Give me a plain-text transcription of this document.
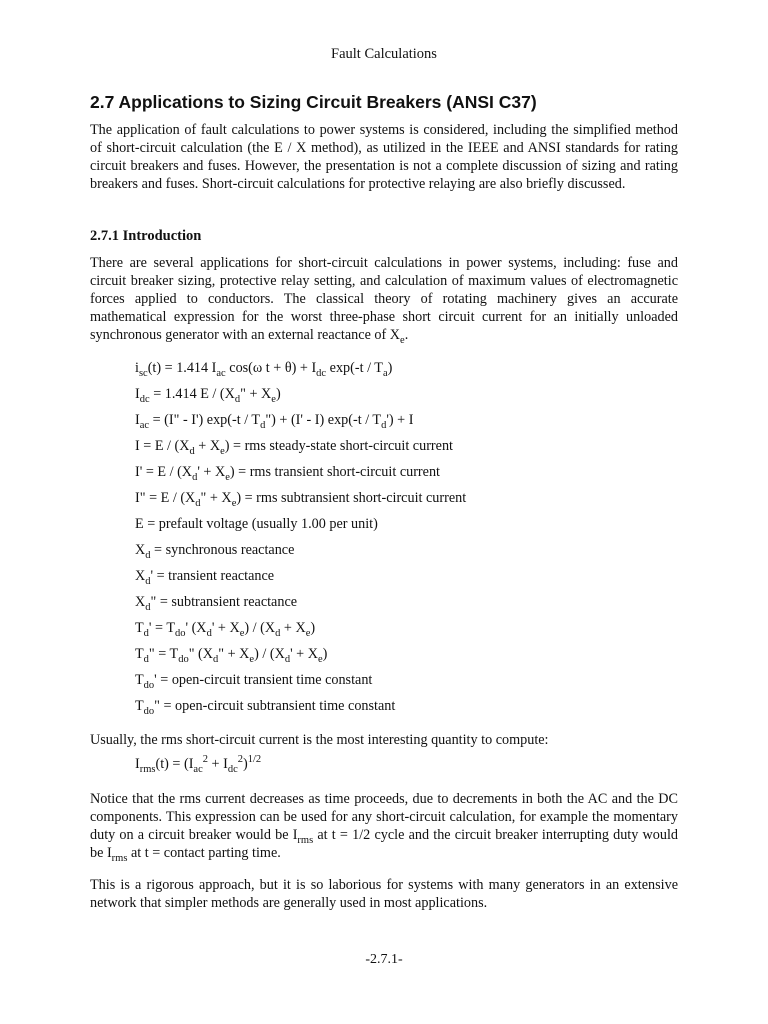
Fault Calculations
2.7 Applications to Sizing Circuit Breakers (ANSI C37)

The application of fault calculations to power systems is considered, including the simplified method of short-circuit calculation (the E / X method), as utilized in the IEEE and ANSI standards for rating circuit breakers and fuses. However, the presentation is not a complete discussion of sizing and rating breakers and fuses. Short-circuit calculations for protective relaying are also briefly discussed.

2.7.1 Introduction

There are several applications for short-circuit calculations in power systems, including: fuse and circuit breaker sizing, protective relay setting, and calculation of maximum values of electromagnetic forces applied to conductors. The classical theory of rotating machinery gives an accurate mathematical expression for the worst three-phase short circuit current for an initially unloaded synchronous generator with an external reactance of $X_e$.

$i_{sc}(t) = 1.414$ $I_{ac}$ cos(ω $t + \theta) + I_{dc}$ $\exp(-t / T_a)$
$I_{dc} = 1.414$ E / ($X_d$" + $X_e$)
$I_{ac} = (I$" - I') $\exp(-t / T_d") + (I' - I)$ $\exp(-t / T_d') + I$
$I = E / (X_d + X_e)$ = rms steady-state short-circuit current
$I' = E / (X_d' + X_e)$ = rms transient short-circuit current
I" = E / ($X_d$" + $X_e$) = rms subtransient short-circuit current
E = prefault voltage (usually 1.00 per unit)
$X_d$ = synchronous reactance
$X_d'$ = transient reactance
$X_d$" = subtransient reactance
$T_d' = T_{do}'$ $(X_d' + X_e) / (X_d + X_e)$
$T_d$" = $T_{do}$" ($X_d$" + $X_e) / (X_d' + X_e)$
$T_{do}'$ = open-circuit transient time constant
$T_{do}$" = open-circuit subtransient time constant

Usually, the rms short-circuit current is the most interesting quantity to compute:

$I_{rms}(t) = (I_{ac}^2 + I_{dc}^2)^{1/2}$

Notice that the rms current decreases as time proceeds, due to decrements in both the AC and the DC components. This expression can be used for any short-circuit calculation, for example the momentary duty on a circuit breaker would be $I_{rms}$ at t = 1/2 cycle and the circuit breaker interrupting duty would be $I_{rms}$ at t = contact parting time.

This is a rigorous approach, but it is so laborious for systems with many generators in an extensive network that simpler methods are generally used in most applications.

-2.7.1-
